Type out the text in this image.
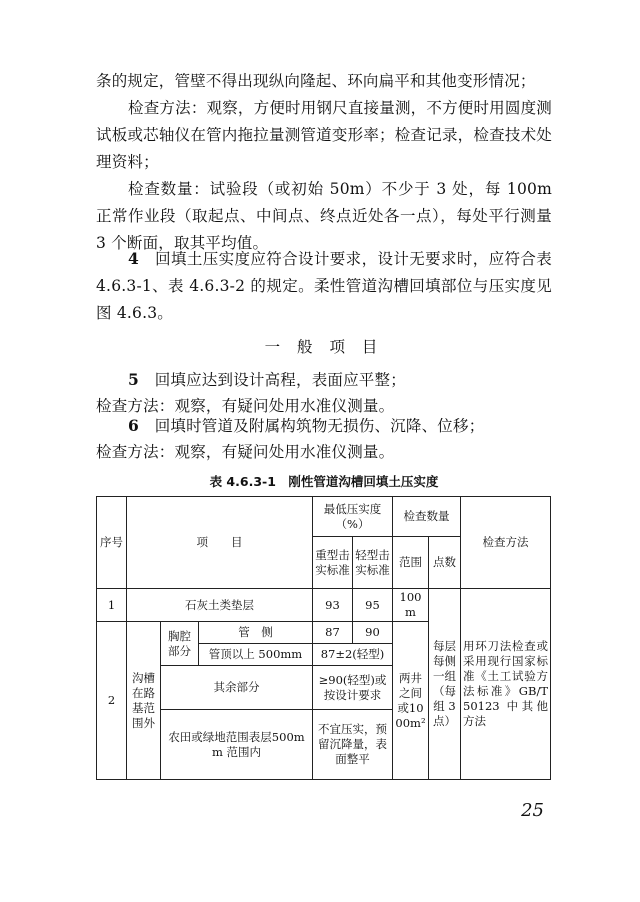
条的规定，管壁不得出现纵向隆起、环向扁平和其他变形情况；

检查方法：观察，方便时用钢尺直接量测，不方便时用圆度测试板或芯轴仪在管内拖拉量测管道变形率；检查记录，检查技术处理资料；

检查数量：试验段（或初始 50m）不少于 3 处，每 100m 正常作业段（取起点、中间点、终点近处各一点），每处平行测量 3 个断面，取其平均值。

4　 回填土压实度应符合设计要求，设计无要求时，应符合表 4.6.3-1、表 4.6.3-2 的规定。柔性管道沟槽回填部位与压实度见图 4.6.3。

一 般 项 目

5　 回填应达到设计高程，表面应平整；

检查方法：观察，有疑问处用水准仪测量。

6　 回填时管道及附属构筑物无损伤、沉降、位移；

检查方法：观察，有疑问处用水准仪测量。

表 4.6.3-1　刚性管道沟槽回填土压实度
序号	项　　目			最低压实度（%）		检查数量		检查方法
				重型击实标准	轻型击实标准	范围	点数	
1	石灰土类垫层			93	95	100m	每层每侧一组（每组 3 点）	用环刀法检查或采用现行国家标准《土工试验方法标准》GB/T 50123 中其他方法
2	沟槽在路基范围外	胸腔部分	管　侧	87	90	两井之间或1000m²		
			管顶以上 500mm	87±2(轻型)				
		其余部分		≥90(轻型)或按设计要求				
		农田或绿地范围表层500mm 范围内		不宜压实，预留沉降量，表面整平				
25
